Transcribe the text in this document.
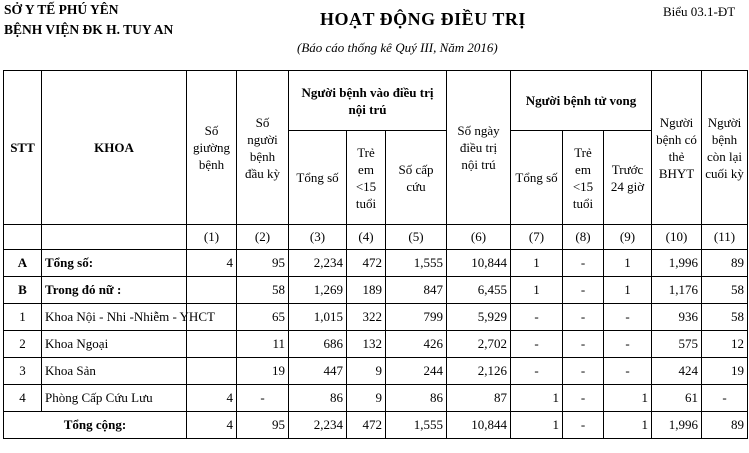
SỞ Y TẾ PHÚ YÊN
BỆNH VIỆN ĐK H. TUY AN
HOẠT ĐỘNG ĐIỀU TRỊ	Biểu 03.1-ĐT
(Báo cáo thống kê Quý III, Năm 2016)
STT	KHOA	Số giường bệnh	Số người bệnh đầu kỳ	Người bệnh vào điều trị nội trú			Số ngày điều trị nội trú	Người bệnh tử vong			Người bệnh có thẻ BHYT	Người bệnh còn lại cuối kỳ
				Tổng số	Trẻ em <15 tuổi	Số cấp cứu		Tổng số	Trẻ em <15 tuổi	Trước 24 giờ		
		(1)	(2)	(3)	(4)	(5)	(6)	(7)	(8)	(9)	(10)	(11)
A	Tổng số:	4	95	2,234	472	1,555	10,844	1	-	1	1,996	89
B	Trong đó nữ :		58	1,269	189	847	6,455	1	-	1	1,176	58
1	Khoa Nội - Nhi -Nhiễm - YHCT		65	1,015	322	799	5,929	-	-	-	936	58
2	Khoa Ngoại		11	686	132	426	2,702	-	-	-	575	12
3	Khoa Sản		19	447	9	244	2,126	-	-	-	424	19
4	Phòng Cấp Cứu Lưu	4	-	86	9	86	87	1	-	1	61	-
Tổng cộng:		4	95	2,234	472	1,555	10,844	1	-	1	1,996	89
